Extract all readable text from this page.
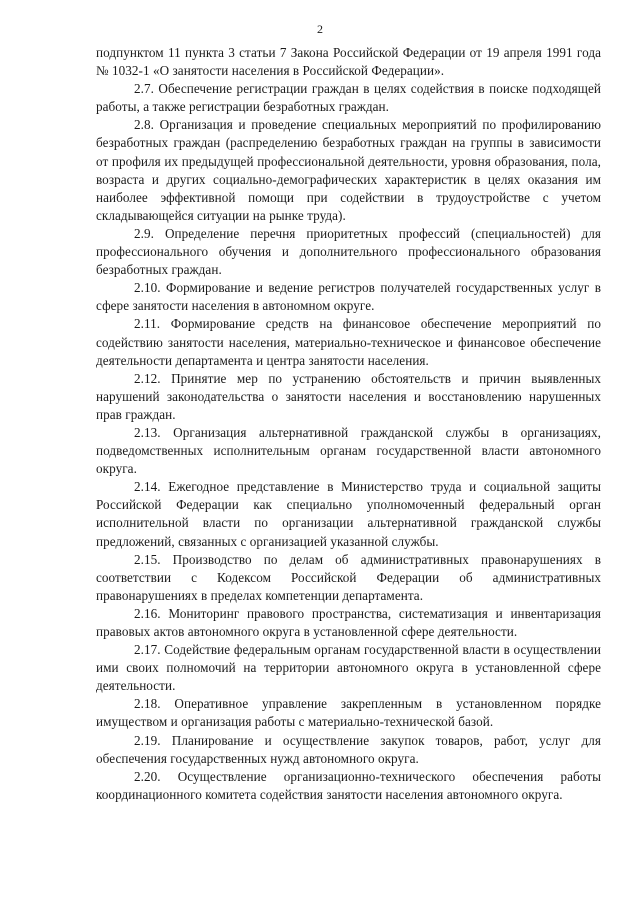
2

подпунктом 11 пункта 3 статьи 7 Закона Российской Федерации от 19 апреля 1991 года № 1032-1 «О занятости населения в Российской Федерации».

2.7. Обеспечение регистрации граждан в целях содействия в поиске подходящей работы, а также регистрации безработных граждан.

2.8. Организация и проведение специальных мероприятий по профилированию безработных граждан (распределению безработных граждан на группы в зависимости от профиля их предыдущей профессиональной деятельности, уровня образования, пола, возраста и других социально-демографических характеристик в целях оказания им наиболее эффективной помощи при содействии в трудоустройстве с учетом складывающейся ситуации на рынке труда).

2.9. Определение перечня приоритетных профессий (специальностей) для профессионального обучения и дополнительного профессионального образования безработных граждан.

2.10. Формирование и ведение регистров получателей государственных услуг в сфере занятости населения в автономном округе.

2.11. Формирование средств на финансовое обеспечение мероприятий по содействию занятости населения, материально-техническое и финансовое обеспечение деятельности департамента и центра занятости населения.

2.12. Принятие мер по устранению обстоятельств и причин выявленных нарушений законодательства о занятости населения и восстановлению нарушенных прав граждан.

2.13. Организация альтернативной гражданской службы в организациях, подведомственных исполнительным органам государственной власти автономного округа.

2.14. Ежегодное представление в Министерство труда и социальной защиты Российской Федерации как специально уполномоченный федеральный орган исполнительной власти по организации альтернативной гражданской службы предложений, связанных с организацией указанной службы.

2.15. Производство по делам об административных правонарушениях в соответствии с Кодексом Российской Федерации об административных правонарушениях в пределах компетенции департамента.

2.16. Мониторинг правового пространства, систематизация и инвентаризация правовых актов автономного округа в установленной сфере деятельности.

2.17. Содействие федеральным органам государственной власти в осуществлении ими своих полномочий на территории автономного округа в установленной сфере деятельности.

2.18. Оперативное управление закрепленным в установленном порядке имуществом и организация работы с материально-технической базой.

2.19. Планирование и осуществление закупок товаров, работ, услуг для обеспечения государственных нужд автономного округа.

2.20. Осуществление организационно-технического обеспечения работы координационного комитета содействия занятости населения автономного округа.
